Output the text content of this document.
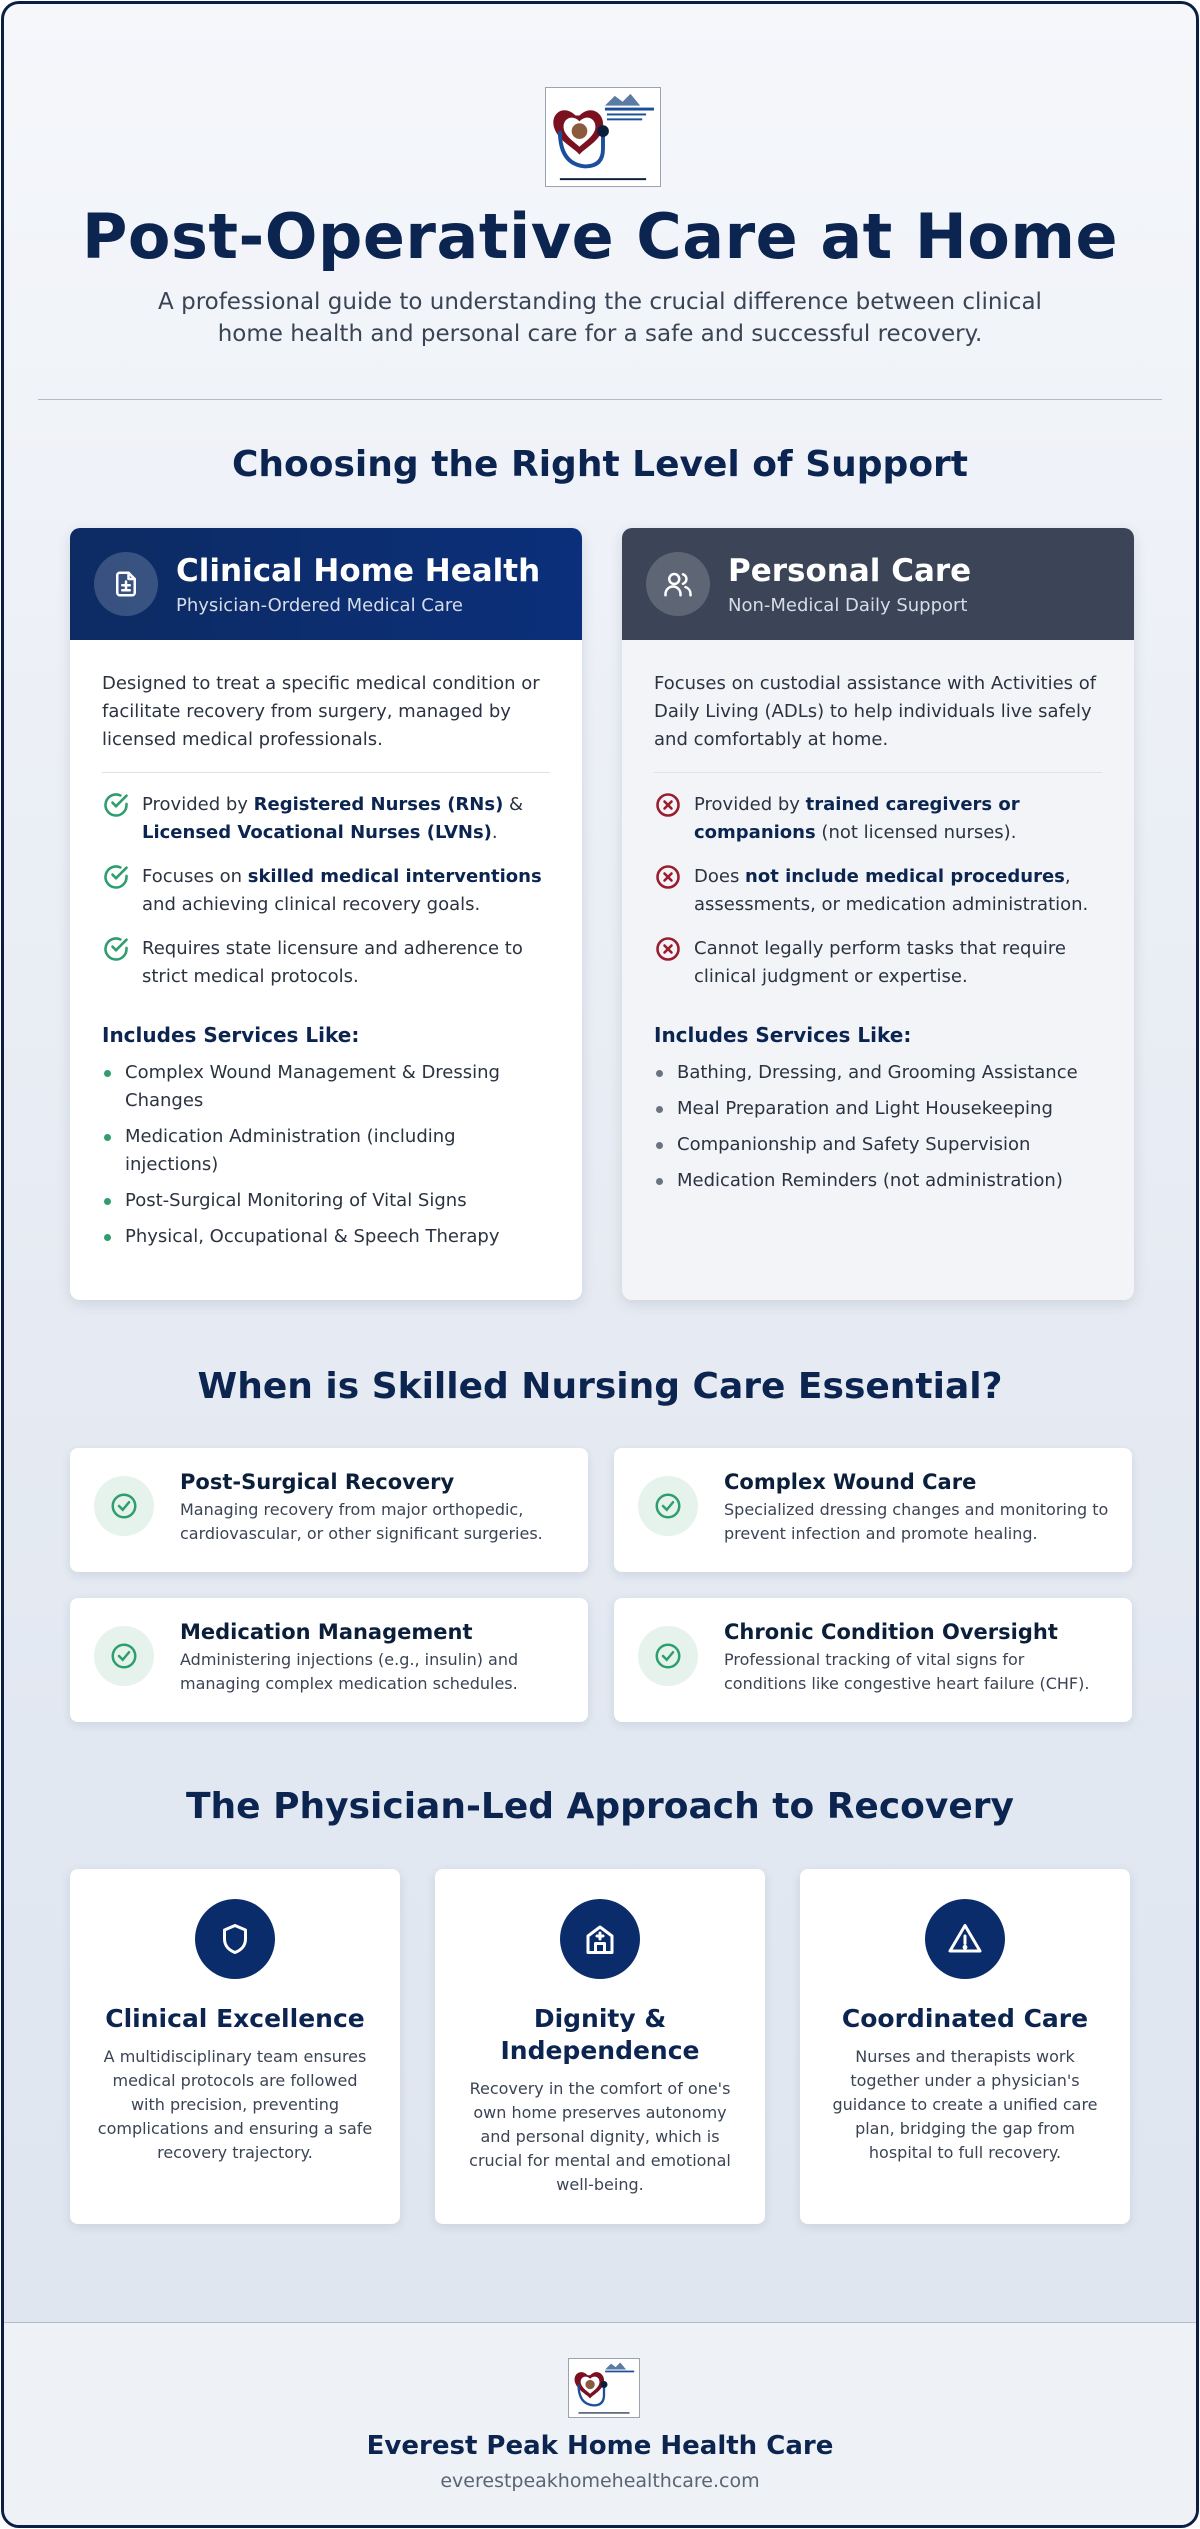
Post-Operative Care at Home
A professional guide to understanding the crucial difference between clinical home health and personal care for a safe and successful recovery.
Choosing the Right Level of Support
Clinical Home Health
Physician-Ordered Medical Care
Designed to treat a specific medical condition or facilitate recovery from surgery, managed by licensed medical professionals.
Provided by Registered Nurses (RNs) & Licensed Vocational Nurses (LVNs).
Focuses on skilled medical interventions and achieving clinical recovery goals.
Requires state licensure and adherence to strict medical protocols.
Includes Services Like:
Complex Wound Management & Dressing Changes
Medication Administration (including injections)
Post-Surgical Monitoring of Vital Signs
Physical, Occupational & Speech Therapy
Personal Care
Non-Medical Daily Support
Focuses on custodial assistance with Activities of Daily Living (ADLs) to help individuals live safely and comfortably at home.
Provided by trained caregivers or companions (not licensed nurses).
Does not include medical procedures, assessments, or medication administration.
Cannot legally perform tasks that require clinical judgment or expertise.
Includes Services Like:
Bathing, Dressing, and Grooming Assistance
Meal Preparation and Light Housekeeping
Companionship and Safety Supervision
Medication Reminders (not administration)
When is Skilled Nursing Care Essential?
Post-Surgical Recovery
Managing recovery from major orthopedic, cardiovascular, or other significant surgeries.
Complex Wound Care
Specialized dressing changes and monitoring to prevent infection and promote healing.
Medication Management
Administering injections (e.g., insulin) and managing complex medication schedules.
Chronic Condition Oversight
Professional tracking of vital signs for conditions like congestive heart failure (CHF).
The Physician-Led Approach to Recovery
Clinical Excellence
A multidisciplinary team ensures medical protocols are followed with precision, preventing complications and ensuring a safe recovery trajectory.
Dignity & Independence
Recovery in the comfort of one's own home preserves autonomy and personal dignity, which is crucial for mental and emotional well-being.
Coordinated Care
Nurses and therapists work together under a physician's guidance to create a unified care plan, bridging the gap from hospital to full recovery.
Everest Peak Home Health Care
everestpeakhomehealthcare.com
